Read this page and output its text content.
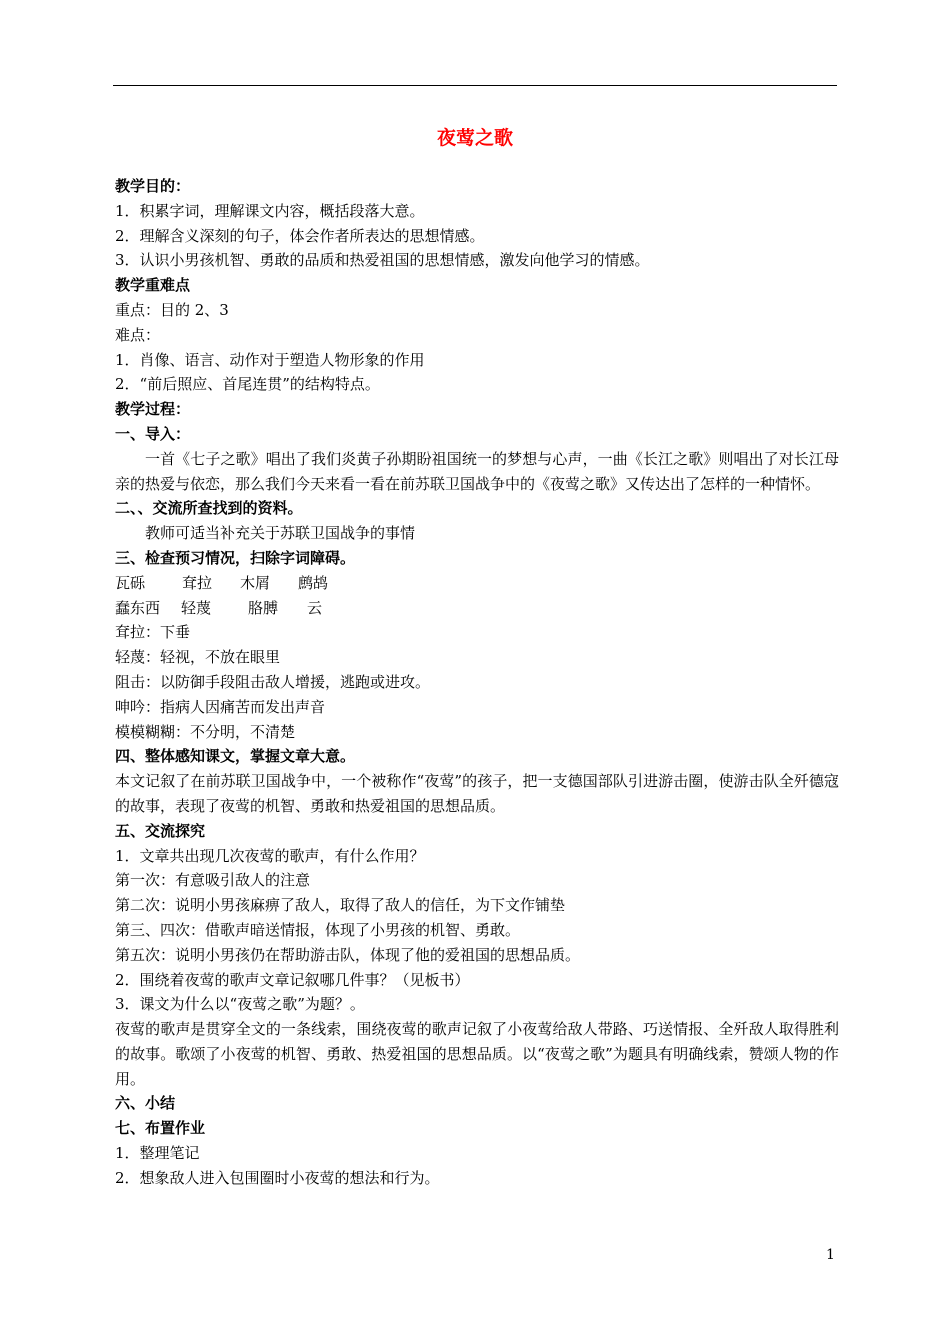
夜莺之歌
教学目的：
1．积累字词，理解课文内容，概括段落大意。
2．理解含义深刻的句子，体会作者所表达的思想情感。
3．认识小男孩机智、勇敢的品质和热爱祖国的思想情感，激发向他学习的情感。
教学重难点
重点：目的 2、3
难点：
1．肖像、语言、动作对于塑造人物形象的作用
2．“前后照应、首尾连贯”的结构特点。
教学过程：
一、导入：
一首《七子之歌》唱出了我们炎黄子孙期盼祖国统一的梦想与心声，一曲《长江之歌》则唱出了对长江母亲的热爱与依恋，那么我们今天来看一看在前苏联卫国战争中的《夜莺之歌》又传达出了怎样的一种情怀。
二、、交流所查找到的资料。
教师可适当补充关于苏联卫国战争的事情
三、检查预习情况，扫除字词障碍。
瓦砾 耷拉 木屑 鹧鸪
蠢东西 轻蔑 胳膊 云
耷拉：下垂
轻蔑：轻视，不放在眼里
阻击：以防御手段阻击敌人增援，逃跑或进攻。
呻吟：指病人因痛苦而发出声音
模模糊糊：不分明，不清楚
四、整体感知课文，掌握文章大意。
本文记叙了在前苏联卫国战争中，一个被称作“夜莺”的孩子，把一支德国部队引进游击圈，使游击队全歼德寇的故事，表现了夜莺的机智、勇敢和热爱祖国的思想品质。
五、交流探究
1．文章共出现几次夜莺的歌声，有什么作用？
第一次：有意吸引敌人的注意
第二次：说明小男孩麻痹了敌人，取得了敌人的信任，为下文作铺垫
第三、四次：借歌声暗送情报，体现了小男孩的机智、勇敢。
第五次：说明小男孩仍在帮助游击队，体现了他的爱祖国的思想品质。
2．围绕着夜莺的歌声文章记叙哪几件事？（见板书）
3．课文为什么以“夜莺之歌”为题？。
夜莺的歌声是贯穿全文的一条线索，围绕夜莺的歌声记叙了小夜莺给敌人带路、巧送情报、全歼敌人取得胜利的故事。歌颂了小夜莺的机智、勇敢、热爱祖国的思想品质。以“夜莺之歌”为题具有明确线索，赞颂人物的作用。
六、小结
七、布置作业
1．整理笔记
2．想象敌人进入包围圈时小夜莺的想法和行为。
1
